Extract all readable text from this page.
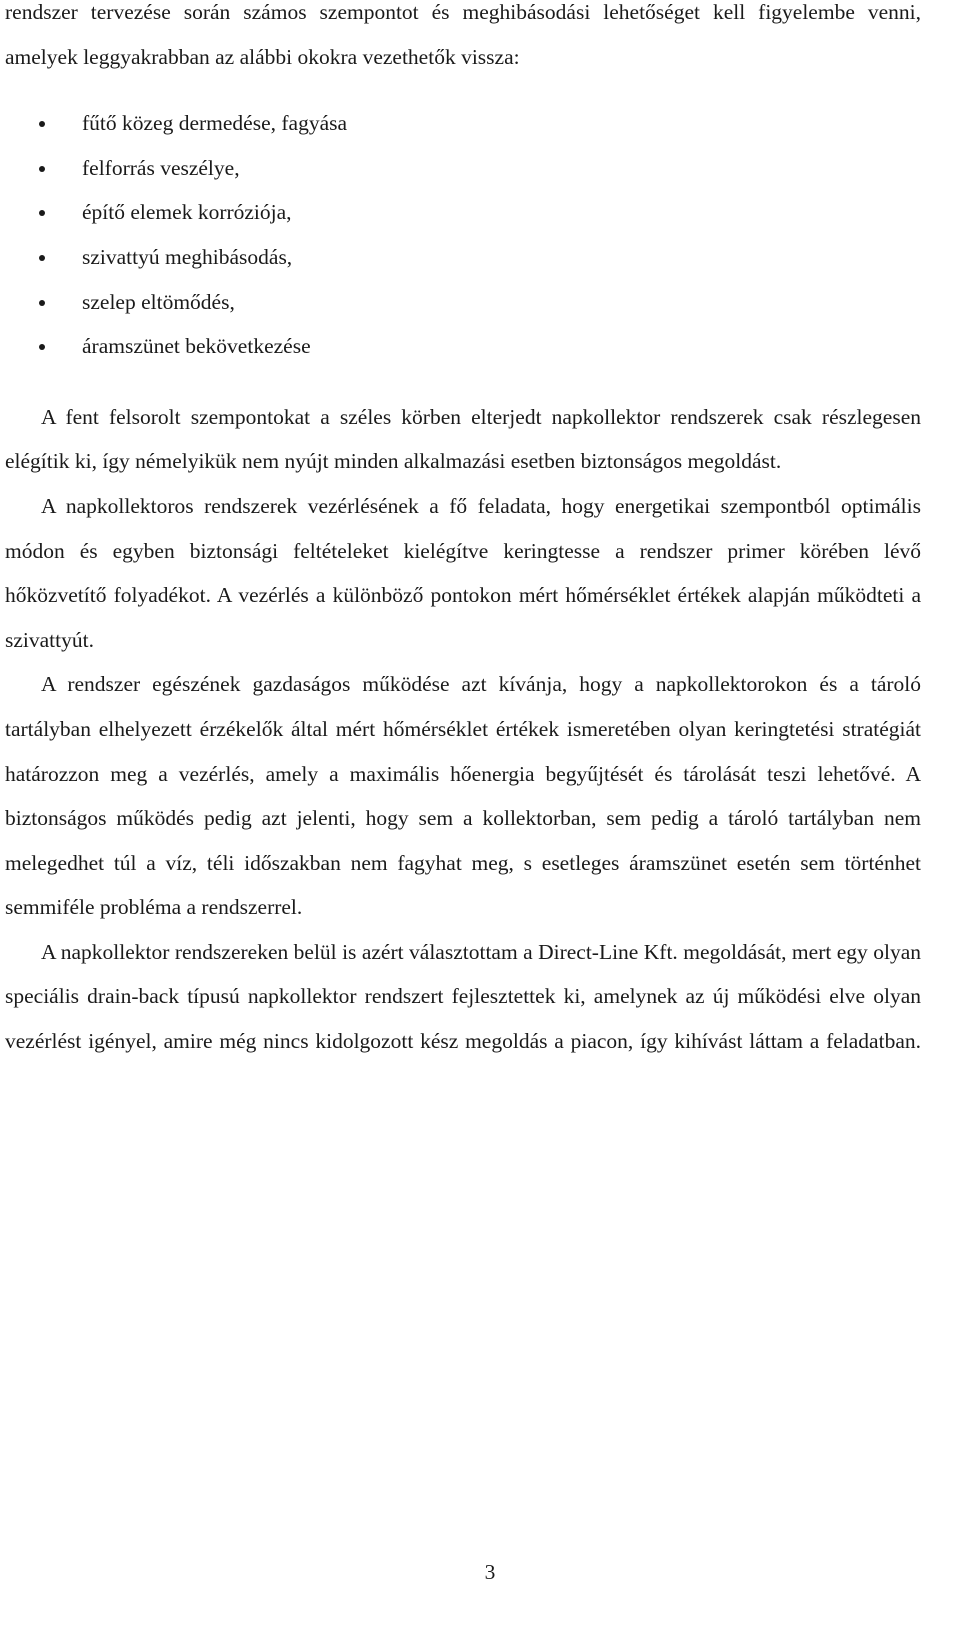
rendszer tervezése során számos szempontot és meghibásodási lehetőséget kell figyelembe venni, amelyek leggyakrabban az alábbi okokra vezethetők vissza:

fűtő közeg dermedése, fagyása
felforrás veszélye,
építő elemek korróziója,
szivattyú meghibásodás,
szelep eltömődés,
áramszünet bekövetkezése

A fent felsorolt szempontokat a széles körben elterjedt napkollektor rendszerek csak részlegesen elégítik ki, így némelyikük nem nyújt minden alkalmazási esetben biztonságos megoldást.

A napkollektoros rendszerek vezérlésének a fő feladata, hogy energetikai szempontból optimális módon és egyben biztonsági feltételeket kielégítve keringtesse a rendszer primer körében lévő hőközvetítő folyadékot. A vezérlés a különböző pontokon mért hőmérséklet értékek alapján működteti a szivattyút.

A rendszer egészének gazdaságos működése azt kívánja, hogy a napkollektorokon és a tároló tartályban elhelyezett érzékelők által mért hőmérséklet értékek ismeretében olyan keringtetési stratégiát határozzon meg a vezérlés, amely a maximális hőenergia begyűjtését és tárolását teszi lehetővé. A biztonságos működés pedig azt jelenti, hogy sem a kollektorban, sem pedig a tároló tartályban nem melegedhet túl a víz, téli időszakban nem fagyhat meg, s esetleges áramszünet esetén sem történhet semmiféle probléma a rendszerrel.

A napkollektor rendszereken belül is azért választottam a Direct-Line Kft. megoldását, mert egy olyan speciális drain-back típusú napkollektor rendszert fejlesztettek ki, amelynek az új működési elve olyan vezérlést igényel, amire még nincs kidolgozott kész megoldás a piacon, így kihívást láttam a feladatban.

3
